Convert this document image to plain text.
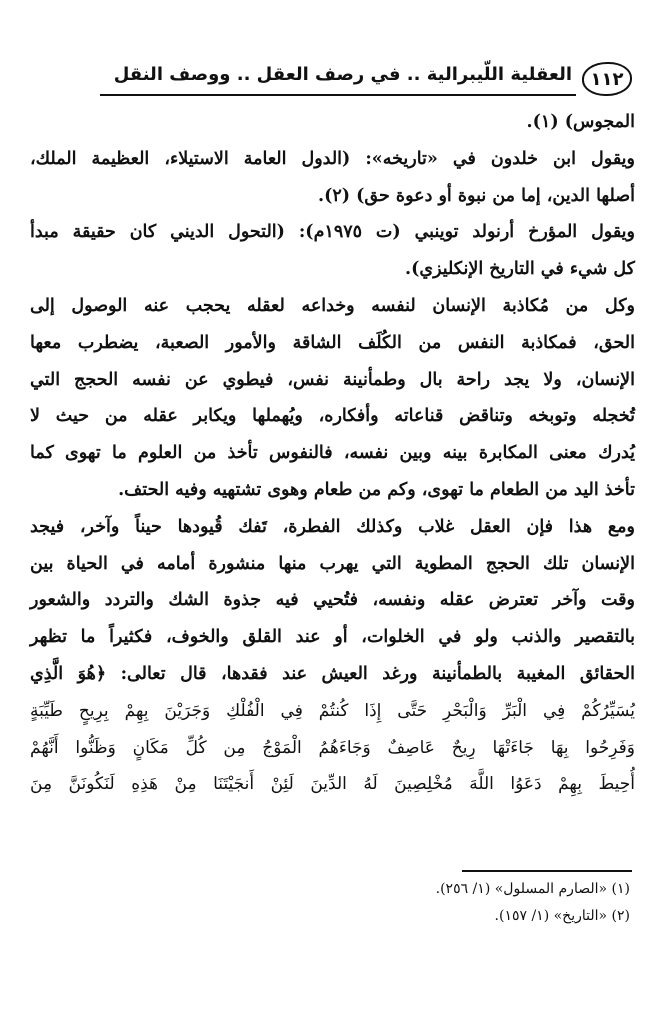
العقلية اللّيبرالية .. في رصف العقل .. ووصف النقل	١١٢
المجوس) (١).
ويقول ابن خلدون في «تاريخه»: (الدول العامة الاستيلاء، العظيمة الملك،
أصلها الدين، إما من نبوة أو دعوة حق) (٢).
ويقول المؤرخ أرنولد توينبي (ت ١٩٧٥م): (التحول الديني كان حقيقة مبدأ
كل شيء في التاريخ الإنكليزي).
وكل من مُكاذبة الإنسان لنفسه وخداعه لعقله يحجب عنه الوصول إلى
الحق، فمكاذبة النفس من الكُلَف الشاقة والأمور الصعبة، يضطرب معها
الإنسان، ولا يجد راحة بال وطمأنينة نفس، فيطوي عن نفسه الحجج التي
تُخجله وتوبخه وتناقض قناعاته وأفكاره، ويُهملها ويكابر عقله من حيث لا
يُدرك معنى المكابرة بينه وبين نفسه، فالنفوس تأخذ من العلوم ما تهوى كما
تأخذ اليد من الطعام ما تهوى، وكم من طعام وهوى تشتهيه وفيه الحتف.
ومع هذا فإن العقل غلاب وكذلك الفطرة، تَفك قُيودها حيناً وآخر، فيجد
الإنسان تلك الحجج المطوية التي يهرب منها منشورة أمامه في الحياة بين
وقت وآخر تعترض عقله ونفسه، فتُحيي فيه جذوة الشك والتردد والشعور
بالتقصير والذنب ولو في الخلوات، أو عند القلق والخوف، فكثيراً ما تظهر
الحقائق المغيبة بالطمأنينة ورغد العيش عند فقدها، قال تعالى: ﴿هُوَ الَّذِي
يُسَيِّرُكُمْ فِي الْبَرِّ وَالْبَحْرِ حَتَّى إِذَا كُنتُمْ فِي الْفُلْكِ وَجَرَيْنَ بِهِمْ بِرِيحٍ طَيِّبَةٍ
وَفَرِحُوا بِهَا جَاءَتْهَا رِيحٌ عَاصِفٌ وَجَاءَهُمُ الْمَوْجُ مِن كُلِّ مَكَانٍ وَظَنُّوا أَنَّهُمْ
أُحِيطَ بِهِمْ دَعَوُا اللَّهَ مُخْلِصِينَ لَهُ الدِّينَ لَئِنْ أَنجَيْتَنَا مِنْ هَذِهِ لَنَكُونَنَّ مِنَ
(١) «الصارم المسلول» (١/ ٢٥٦).
(٢) «التاريخ» (١/ ١٥٧).
